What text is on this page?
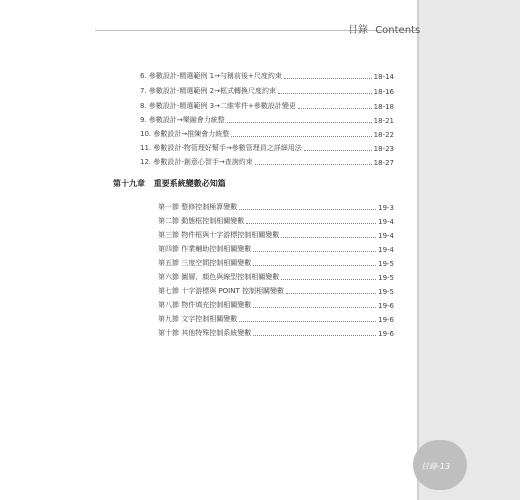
目錄 Contents
6. 參數設計-精選範例 1→勻稱前後+尺度約束	18-14
7. 參數設計-精選範例 2→框式轉換尺度約束	18-16
8. 參數設計-精選範例 3→二維零件+參數設計變更	18-18
9. 參數設計→樂融會力統整	18-21
10. 參數設計→推陳會力統整	18-22
11. 參數設計-物管理好幫手→參數管理員之詳細用法	18-23
12. 參數設計-創意心智手→查詢約束	18-27
第十九章 重要系統變數必知篇
第一節 整修控制極算變數	19-3
第二節 動態框控制相關變數	19-4
第三節 物件框與十字游標控制相關變數	19-4
第四節 作業輔助控制相關變數	19-4
第五節 三度空間控制相關變數	19-5
第六節 圖層、顏色與線型控制相關變數	19-5
第七節 十字游標與 POINT 控制相關變數	19-5
第八節 物件填充控制相關變數	19-6
第九節 文字控制相關變數	19-6
第十節 其他特殊控制系統變數	19-6
目錄-13
